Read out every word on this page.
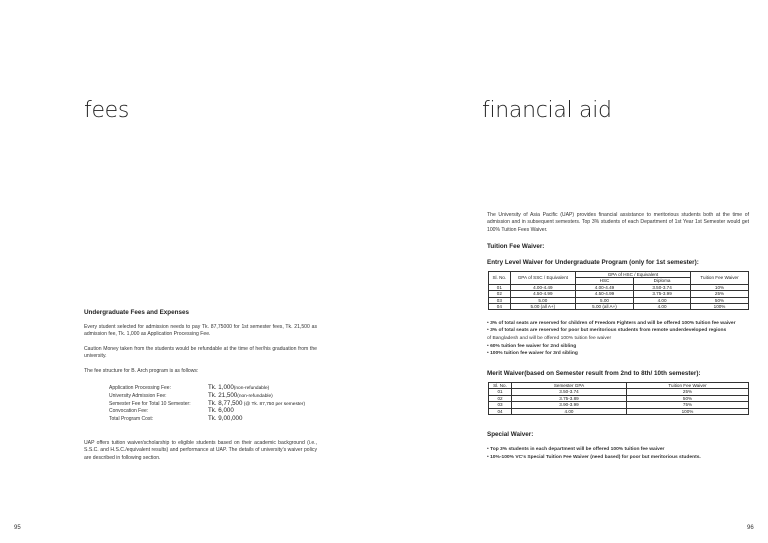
fees
Undergraduate Fees and Expenses

Every student selected for admission needs to pay Tk. 87,75000 for 1st semester fees, Tk. 21,500 as admission fee, Tk. 1,000 as Application Processing Fee.

Caution Money taken from the students would be refundable at the time of her/his graduation from the university.

The fee structure for B. Arch program is as follows:

Application Processing Fee:	Tk. 1,000(non-refundable)
University Admission Fee:	Tk. 21,500(non-refundable)
Semester Fee for Total 10 Semester:	Tk. 8,77,500 (@ Tk. 87,750 per semester)
Convocation Fee:	Tk. 6,000
Total Program Cost:	Tk. 9,00,000

UAP offers tuition waiver/scholarship to eligible students based on their academic background (i.e., S.S.C. and H.S.C./equivalent results) and performance at UAP. The details of university’s waiver policy are described in following section.

95
financial aid

The University of Asia Pacific (UAP) provides financial assistance to meritorious students both at the time of admission and in subsequent semesters. Top 3% students of each Department of 1st Year 1st Semester would get 100% Tuition Fees Waiver.

Tuition Fee Waiver:
Entry Level Waiver for Undergraduate Program (only for 1st semester):
Sl. No.	GPA of SSC / Equivalent	GPA of HSC / Equivalent		Tuition Fee Waiver
		HSC	Diploma	
01	4.00-4.49	4.00-4.49	3.50-3.74	10%
02	4.50-4.99	4.50-4.99	3.75-3.99	25%
03	5.00	5.00	4.00	50%
04	5.00 (all A+)	5.00 (all A+)	4.00	100%
• 3% of total seats are reserved for children of Freedom Fighters and will be offered 100% tuition fee waiver
• 3% of total seats are reserved for poor but meritorious students from remote underdeveloped regions
of Bangladesh and will be offered 100% tuition fee waiver
• 60% tuition fee waiver for 2nd sibling
• 100% tuition fee waiver for 3rd sibling
Merit Waiver(based on Semester result from 2nd to 8th/ 10th semester):
Sl. No.	Semester GPA	Tuition Fee Waiver
01	3.50-3.74	25%
02	3.75-3.89	50%
03	3.90-3.99	75%
04	4.00	100%
Special Waiver:
• Top 3% students in each department will be offered 100% tuition fee waiver
• 10%-100% VC’s Special Tuition Fee Waiver (need based) for poor but meritorious students.
96
